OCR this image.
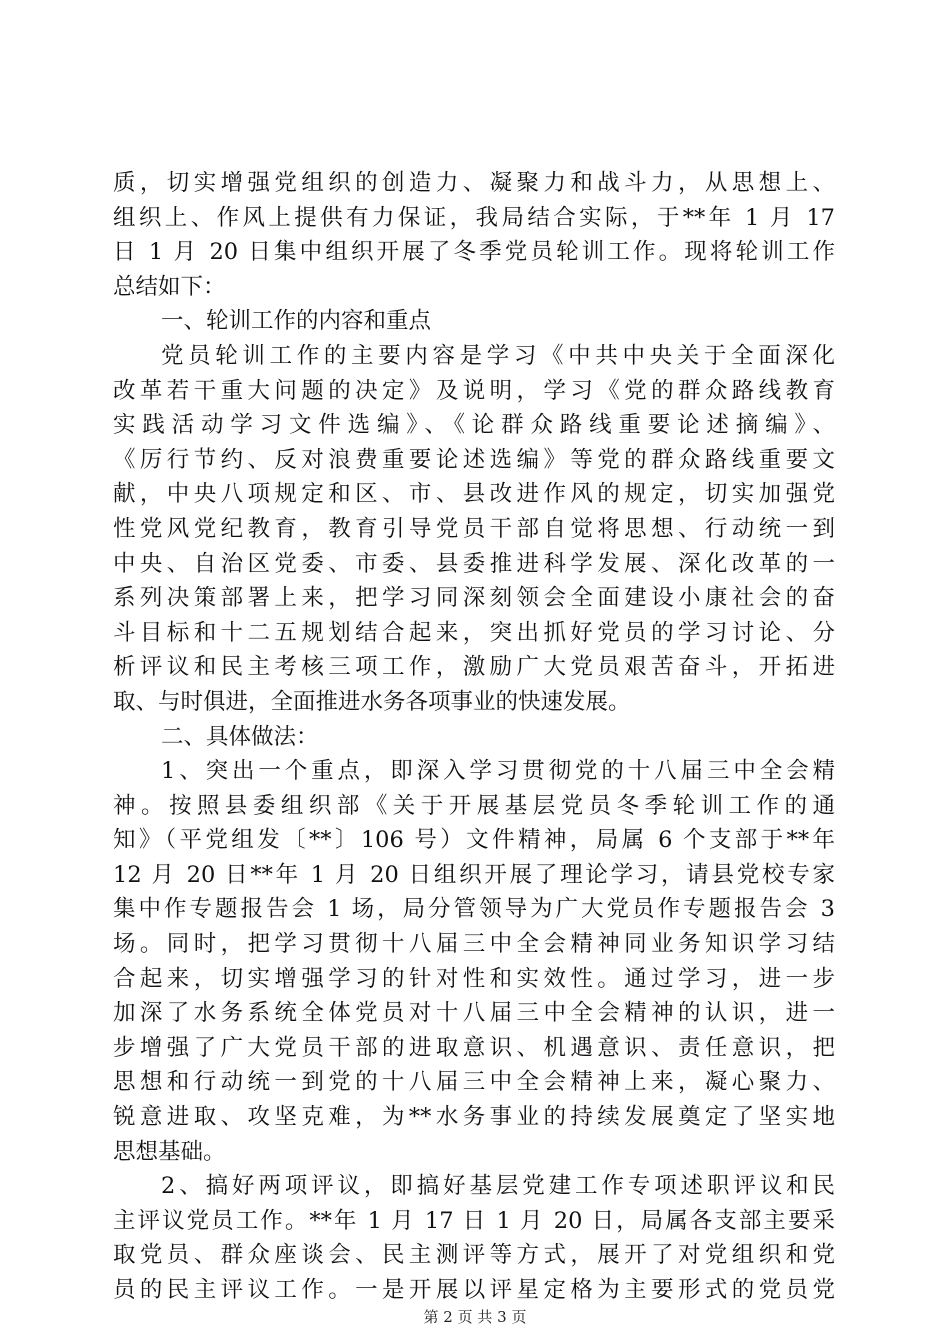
质，切实增强党组织的创造力、凝聚力和战斗力，从思想上、
组织上、作风上提供有力保证，我局结合实际，于**年 1 月 17
日 1 月 20 日集中组织开展了冬季党员轮训工作。现将轮训工作
总结如下：
一、轮训工作的内容和重点
党员轮训工作的主要内容是学习《中共中央关于全面深化
改革若干重大问题的决定》及说明，学习《党的群众路线教育
实践活动学习文件选编》、《论群众路线重要论述摘编》、
《厉行节约、反对浪费重要论述选编》等党的群众路线重要文
献，中央八项规定和区、市、县改进作风的规定，切实加强党
性党风党纪教育，教育引导党员干部自觉将思想、行动统一到
中央、自治区党委、市委、县委推进科学发展、深化改革的一
系列决策部署上来，把学习同深刻领会全面建设小康社会的奋
斗目标和十二五规划结合起来，突出抓好党员的学习讨论、分
析评议和民主考核三项工作，激励广大党员艰苦奋斗，开拓进
取、与时俱进，全面推进水务各项事业的快速发展。
二、具体做法：
1、突出一个重点，即深入学习贯彻党的十八届三中全会精
神。按照县委组织部《关于开展基层党员冬季轮训工作的通
知》（平党组发〔**〕106 号）文件精神，局属 6 个支部于**年
12 月 20 日**年 1 月 20 日组织开展了理论学习，请县党校专家
集中作专题报告会 1 场，局分管领导为广大党员作专题报告会 3
场。同时，把学习贯彻十八届三中全会精神同业务知识学习结
合起来，切实增强学习的针对性和实效性。通过学习，进一步
加深了水务系统全体党员对十八届三中全会精神的认识，进一
步增强了广大党员干部的进取意识、机遇意识、责任意识，把
思想和行动统一到党的十八届三中全会精神上来，凝心聚力、
锐意进取、攻坚克难，为**水务事业的持续发展奠定了坚实地
思想基础。
2、搞好两项评议，即搞好基层党建工作专项述职评议和民
主评议党员工作。**年 1 月 17 日 1 月 20 日，局属各支部主要采
取党员、群众座谈会、民主测评等方式，展开了对党组织和党
员的民主评议工作。一是开展以评星定格为主要形式的党员党
第 2 页 共 3 页
